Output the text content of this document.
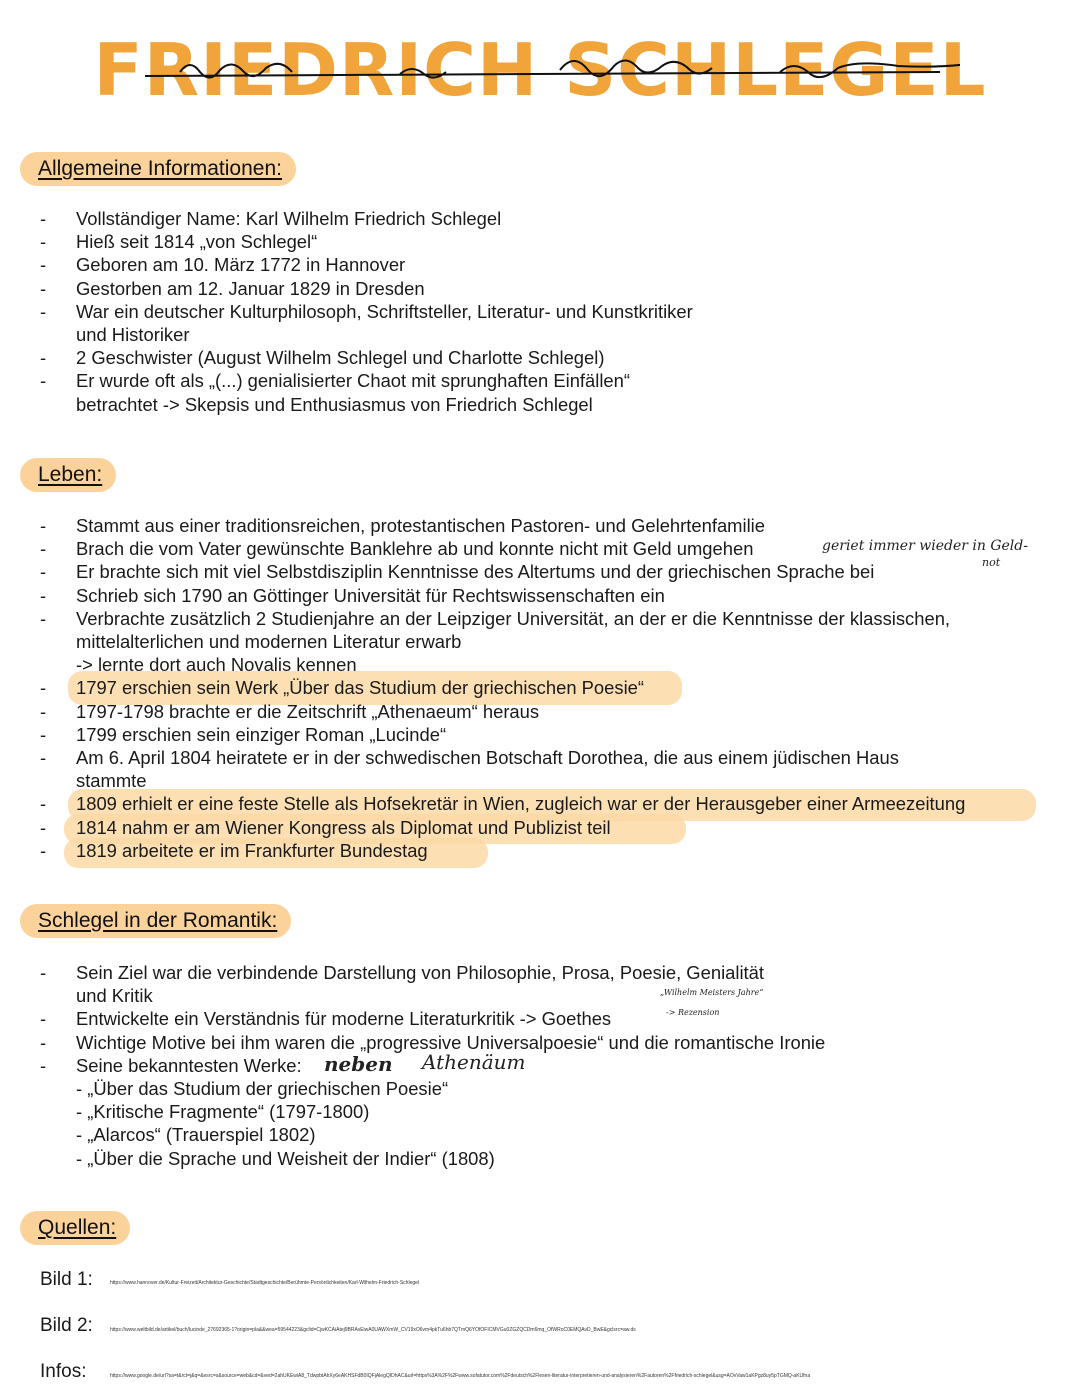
FRIEDRICH SCHLEGEL
Allgemeine Informationen:
- Vollständiger Name: Karl Wilhelm Friedrich Schlegel
- Hieß seit 1814 „von Schlegel“
- Geboren am 10. März 1772 in Hannover
- Gestorben am 12. Januar 1829 in Dresden
- War ein deutscher Kulturphilosoph, Schriftsteller, Literatur- und Kunstkritiker
und Historiker
- 2 Geschwister (August Wilhelm Schlegel und Charlotte Schlegel)
- Er wurde oft als „(...) genialisierter Chaot mit sprunghaften Einfällen“
betrachtet -> Skepsis und Enthusiasmus von Friedrich Schlegel
Leben:
- Stammt aus einer traditionsreichen, protestantischen Pastoren- und Gelehrtenfamilie
- Brach die vom Vater gewünschte Banklehre ab und konnte nicht mit Geld umgehen
- Er brachte sich mit viel Selbstdisziplin Kenntnisse des Altertums und der griechischen Sprache bei
- Schrieb sich 1790 an Göttinger Universität für Rechtswissenschaften ein
- Verbrachte zusätzlich 2 Studienjahre an der Leipziger Universität, an der er die Kenntnisse der klassischen,
mittelalterlichen und modernen Literatur erwarb
-> lernte dort auch Novalis kennen
- 1797 erschien sein Werk „Über das Studium der griechischen Poesie“
- 1797-1798 brachte er die Zeitschrift „Athenaeum“ heraus
- 1799 erschien sein einziger Roman „Lucinde“
- Am 6. April 1804 heiratete er in der schwedischen Botschaft Dorothea, die aus einem jüdischen Haus
stammte
- 1809 erhielt er eine feste Stelle als Hofsekretär in Wien, zugleich war er der Herausgeber einer Armeezeitung
- 1814 nahm er am Wiener Kongress als Diplomat und Publizist teil
- 1819 arbeitete er im Frankfurter Bundestag
geriet immer wieder in Geld-
not
Schlegel in der Romantik:
- Sein Ziel war die verbindende Darstellung von Philosophie, Prosa, Poesie, Genialität
und Kritik
- Entwickelte ein Verständnis für moderne Literaturkritik -> Goethes
- Wichtige Motive bei ihm waren die „progressive Universalpoesie“ und die romantische Ironie
- Seine bekanntesten Werke:
- „Über das Studium der griechischen Poesie“
- „Kritische Fragmente“ (1797-1800)
- „Alarcos“ (Trauerspiel 1802)
- „Über die Sprache und Weisheit der Indier“ (1808)
„Wilhelm Meisters Jahre“
-> Rezension
neben Athenäum
Quellen:
Bild 1:	https://www.hannover.de/Kultur-Freizeit/Architektur-Geschichte/Stadtgeschichte/Berühmte-Persönlichkeiten/Karl-Wilhelm-Friedrich-Schlegel
Bild 2:	https://www.weltbild.de/artikel/buch/lucinde_27692365-1?origin=pla&&wea=59544223&gclid=CjwKCAiAtej9BRAvEiwA0UAWXmW_CV19xO6vm4pkTu6hb7QTmQ6YOfOFICMVGu0ZGZQCDm6mq_OfWRoC0EMQAvD_BwE&gclsrc=aw.ds
Infos:	https://www.google.de/url?sa=t&rct=j&q=&esrc=s&source=web&cd=&ved=2ahUKEwiA8_TdwpbtAhXy6eAKHSFdB0IQFjAlegQIDhAC&url=https%3A%2F%2Fwww.sofatutor.com%2Fdeutsch%2Flesen-literatur-interpretieren-und-analysieren%2Fautoren%2Ffriedrich-schlegel&usg=AOvVaw1aKPgz8uy5pTGMQ-aKUfna
